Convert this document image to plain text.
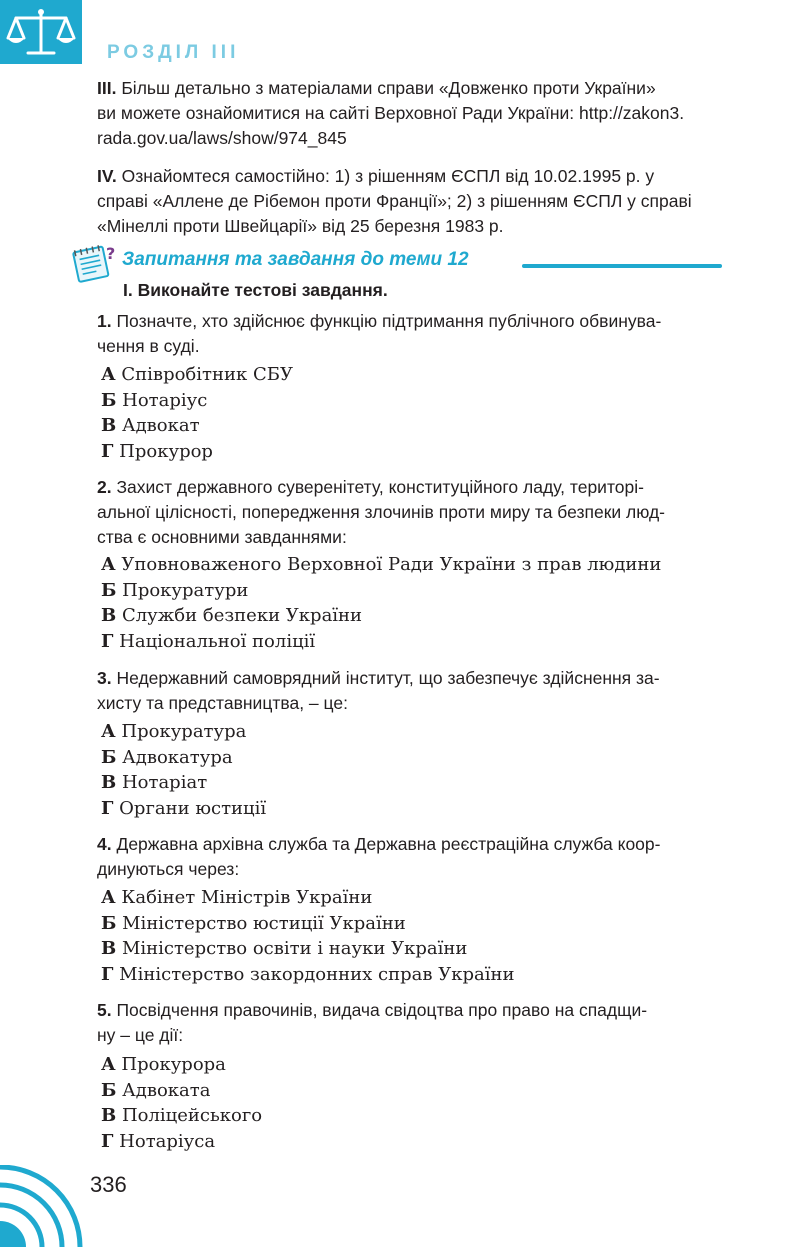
РОЗДІЛ III
III. Більш детально з матеріалами справи «Довженко проти України»
ви можете ознайомитися на сайті Верховної Ради України: http://zakon3.
rada.gov.ua/laws/show/974_845
IV. Ознайомтеся самостійно: 1) з рішенням ЄСПЛ від 10.02.1995 р. у
справі «Аллене де Рібемон проти Франції»; 2) з рішенням ЄСПЛ у справі
«Мінеллі проти Швейцарії» від 25 березня 1983 р.
? Запитання та завдання до теми 12
I. Виконайте тестові завдання.
1. Позначте, хто здійснює функцію підтримання публічного обвинува-
чення в суді.
А Співробітник СБУ
Б Нотаріус
В Адвокат
Г Прокурор
2. Захист державного суверенітету, конституційного ладу, територі-
альної цілісності, попередження злочинів проти миру та безпеки люд-
ства є основними завданнями:
А Уповноваженого Верховної Ради України з прав людини
Б Прокуратури
В Служби безпеки України
Г Національної поліції
3. Недержавний самоврядний інститут, що забезпечує здійснення за-
хисту та представництва, – це:
А Прокуратура
Б Адвокатура
В Нотаріат
Г Органи юстиції
4. Державна архівна служба та Державна реєстраційна служба коор-
динуються через:
А Кабінет Міністрів України
Б Міністерство юстиції України
В Міністерство освіти і науки України
Г Міністерство закордонних справ України
5. Посвідчення правочинів, видача свідоцтва про право на спадщи-
ну – це дії:
А Прокурора
Б Адвоката
В Поліцейського
Г Нотаріуса
336
